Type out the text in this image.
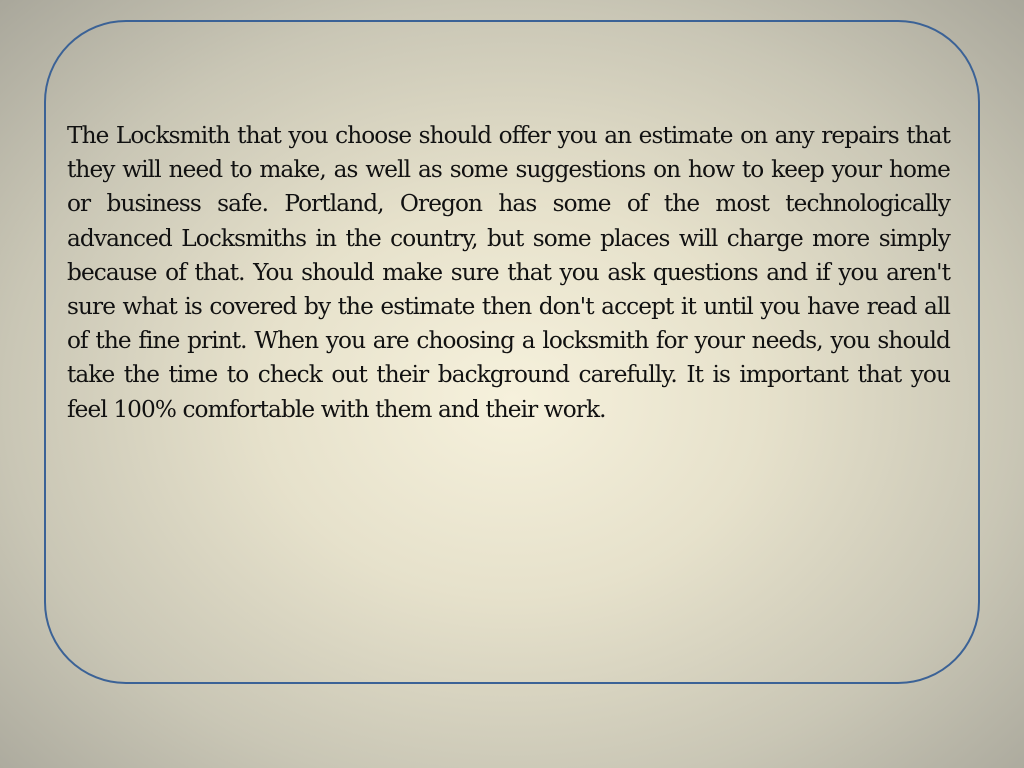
The Locksmith that you choose should offer you an estimate on any repairs that they will need to make, as well as some suggestions on how to keep your home or business safe. Portland, Oregon has some of the most technologically advanced Locksmiths in the country, but some places will charge more simply because of that. You should make sure that you ask questions and if you aren't sure what is covered by the estimate then don't accept it until you have read all of the fine print. When you are choosing a locksmith for your needs, you should take the time to check out their background carefully. It is important that you feel 100% comfortable with them and their work.
